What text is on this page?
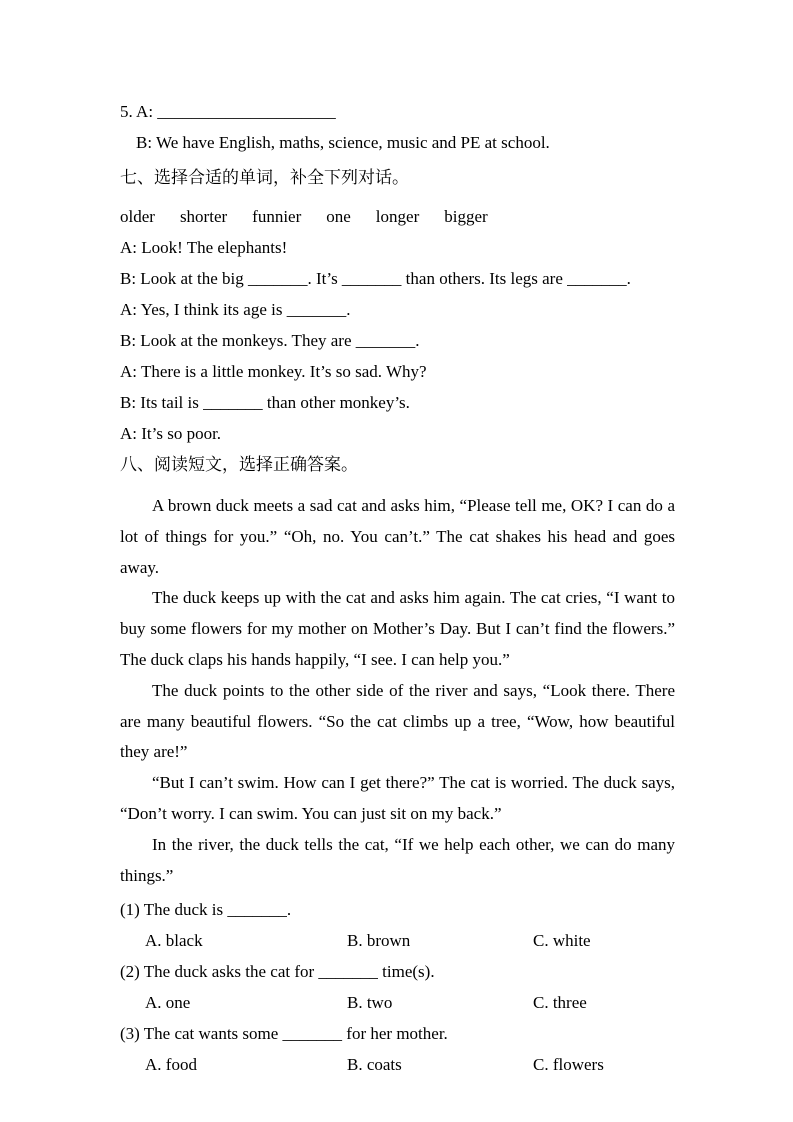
5. A: _____________________
B: We have English, maths, science, music and PE at school.
七、选择合适的单词，补全下列对话。
older shorter funnier one longer bigger
A: Look! The elephants!
B: Look at the big _______. It’s _______ than others. Its legs are _______.
A: Yes, I think its age is _______.
B: Look at the monkeys. They are _______.
A: There is a little monkey. It’s so sad. Why?
B: Its tail is _______ than other monkey’s.
A: It’s so poor.
八、阅读短文，选择正确答案。

A brown duck meets a sad cat and asks him, “Please tell me, OK? I can do a lot of things for you.” “Oh, no. You can’t.” The cat shakes his head and goes away.

The duck keeps up with the cat and asks him again. The cat cries, “I want to buy some flowers for my mother on Mother’s Day. But I can’t find the flowers.” The duck claps his hands happily, “I see. I can help you.”

The duck points to the other side of the river and says, “Look there. There are many beautiful flowers. “So the cat climbs up a tree, “Wow, how beautiful they are!”

“But I can’t swim. How can I get there?” The cat is worried. The duck says, “Don’t worry. I can swim. You can just sit on my back.”

In the river, the duck tells the cat, “If we help each other, we can do many things.”

(1) The duck is _______.
A. black	B. brown	C. white
(2) The duck asks the cat for _______ time(s).
A. one	B. two	C. three
(3) The cat wants some _______ for her mother.
A. food	B. coats	C. flowers
